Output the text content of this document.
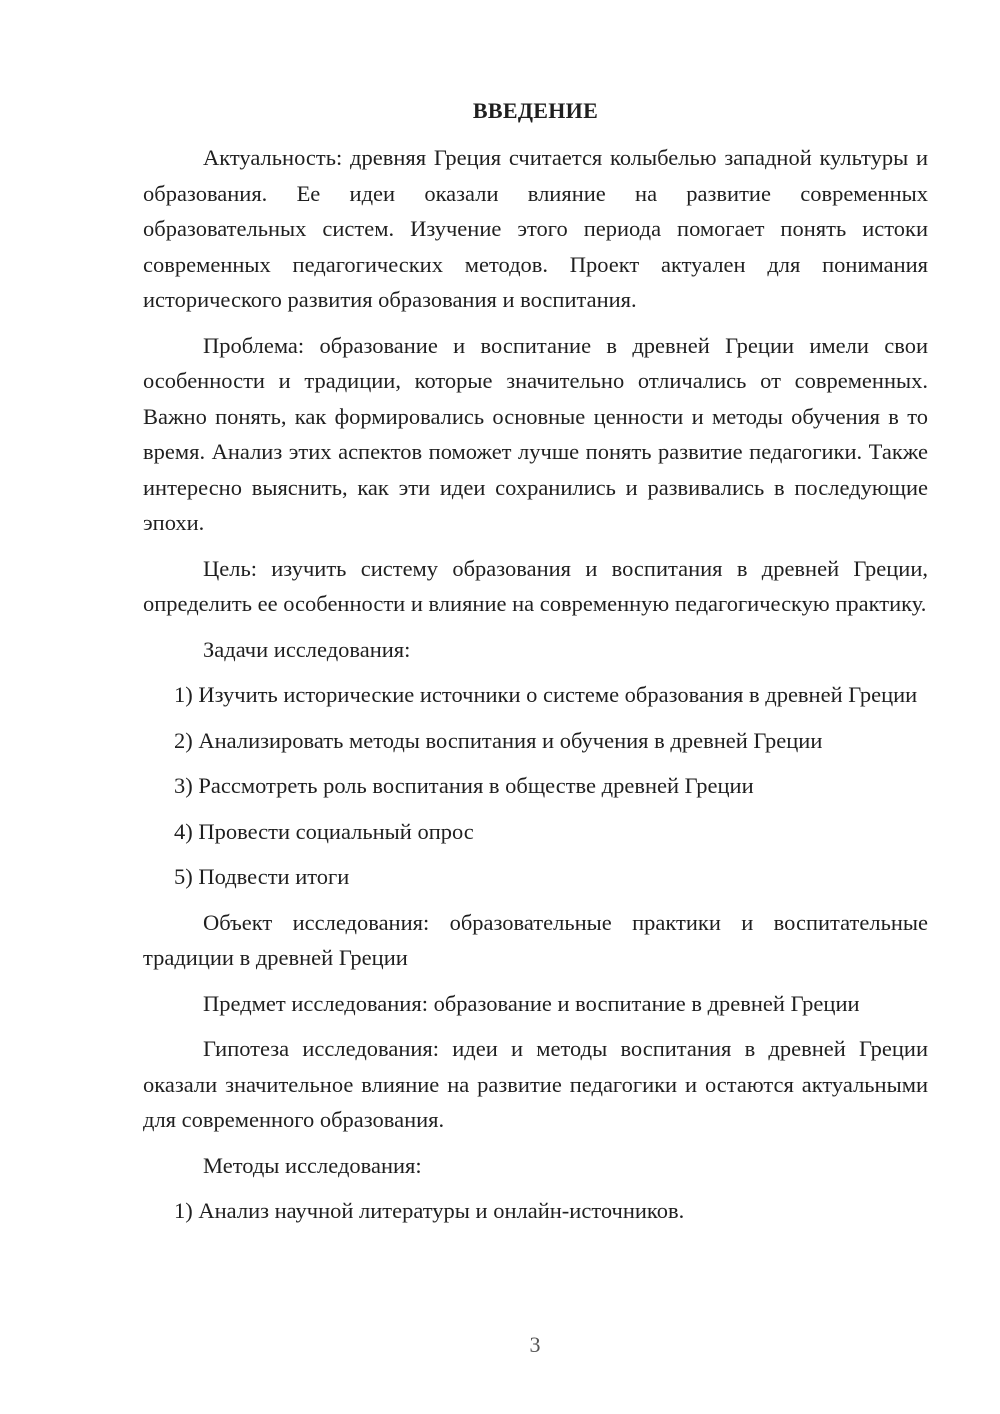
ВВЕДЕНИЕ

Актуальность: древняя Греция считается колыбелью западной культуры и образования. Ее идеи оказали влияние на развитие современных образовательных систем. Изучение этого периода помогает понять истоки современных педагогических методов. Проект актуален для понимания исторического развития образования и воспитания.

Проблема: образование и воспитание в древней Греции имели свои особенности и традиции, которые значительно отличались от современных. Важно понять, как формировались основные ценности и методы обучения в то время. Анализ этих аспектов поможет лучше понять развитие педагогики. Также интересно выяснить, как эти идеи сохранились и развивались в последующие эпохи.

Цель: изучить систему образования и воспитания в древней Греции, определить ее особенности и влияние на современную педагогическую практику.

Задачи исследования:

1) Изучить исторические источники о системе образования в древней Греции

2) Анализировать методы воспитания и обучения в древней Греции

3) Рассмотреть роль воспитания в обществе древней Греции

4) Провести социальный опрос

5) Подвести итоги

Объект исследования: образовательные практики и воспитательные традиции в древней Греции

Предмет исследования: образование и воспитание в древней Греции

Гипотеза исследования: идеи и методы воспитания в древней Греции оказали значительное влияние на развитие педагогики и остаются актуальными для современного образования.

Методы исследования:

1) Анализ научной литературы и онлайн-источников.

3
